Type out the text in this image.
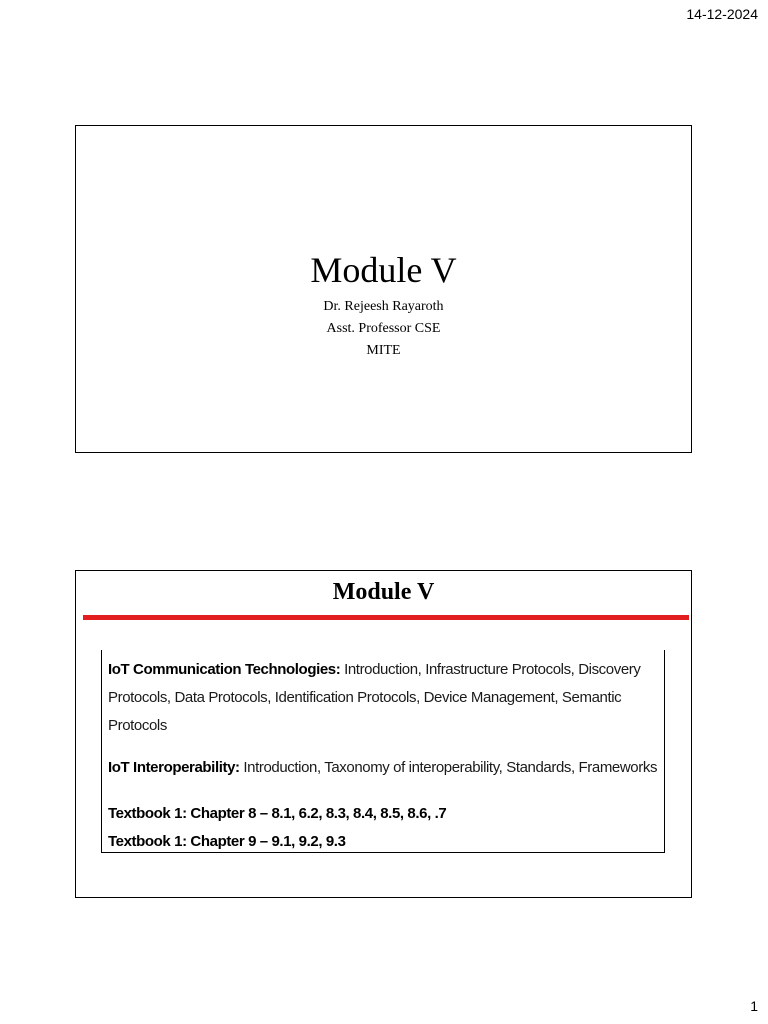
14-12-2024
Module V
Dr. Rejeesh Rayaroth
Asst. Professor CSE
MITE
Module V

IoT Communication Technologies: Introduction, Infrastructure Protocols, Discovery Protocols, Data Protocols, Identification Protocols, Device Management, Semantic Protocols

IoT Interoperability: Introduction, Taxonomy of interoperability, Standards, Frameworks

Textbook 1: Chapter 8 – 8.1, 6.2, 8.3, 8.4, 8.5, 8.6, .7

Textbook 1: Chapter 9 – 9.1, 9.2, 9.3

1
